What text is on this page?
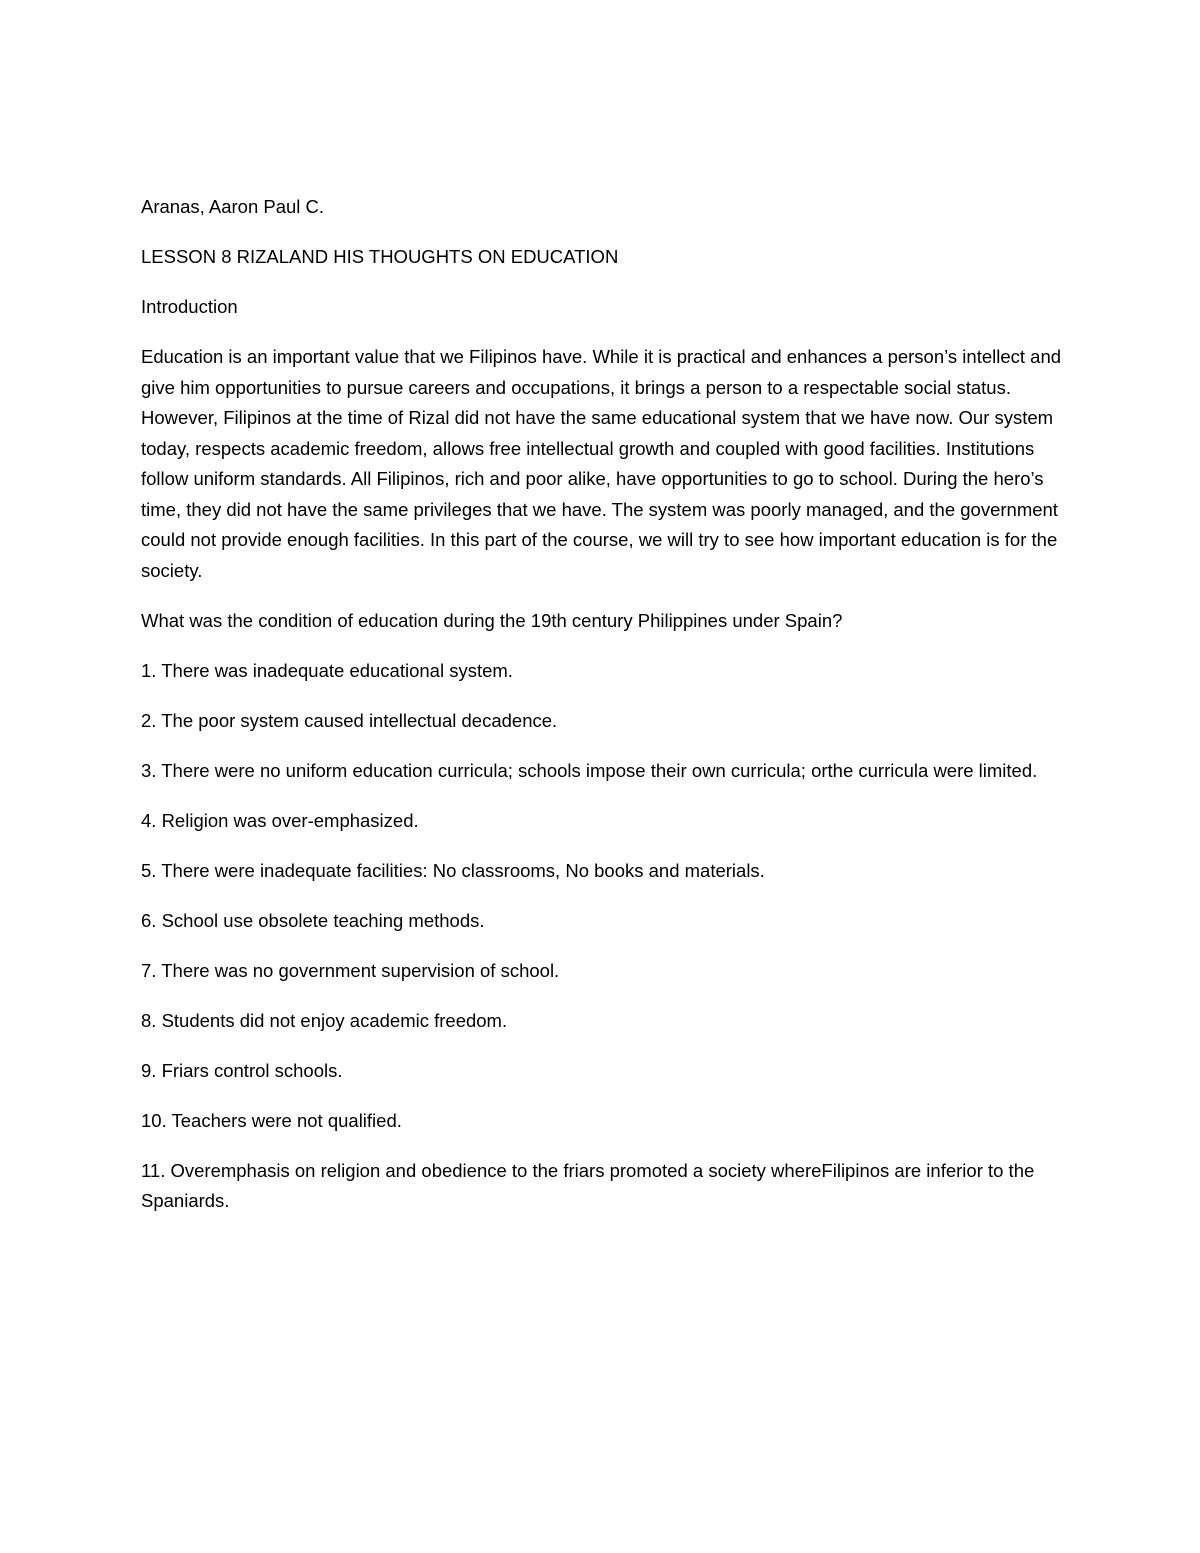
Aranas, Aaron Paul C.

LESSON 8 RIZALAND HIS THOUGHTS ON EDUCATION

Introduction

Education is an important value that we Filipinos have. While it is practical and enhances a person’s intellect and give him opportunities to pursue careers and occupations, it brings a person to a respectable social status. However, Filipinos at the time of Rizal did not have the same educational system that we have now. Our system today, respects academic freedom, allows free intellectual growth and coupled with good facilities. Institutions follow uniform standards. All Filipinos, rich and poor alike, have opportunities to go to school. During the hero’s time, they did not have the same privileges that we have. The system was poorly managed, and the government could not provide enough facilities. In this part of the course, we will try to see how important education is for the society.

What was the condition of education during the 19th century Philippines under Spain?

1. There was inadequate educational system.

2. The poor system caused intellectual decadence.

3. There were no uniform education curricula; schools impose their own curricula; orthe curricula were limited.

4. Religion was over-emphasized.

5. There were inadequate facilities: No classrooms, No books and materials.

6. School use obsolete teaching methods.

7. There was no government supervision of school.

8. Students did not enjoy academic freedom.

9. Friars control schools.

10. Teachers were not qualified.

11. Overemphasis on religion and obedience to the friars promoted a society whereFilipinos are inferior to the Spaniards.
